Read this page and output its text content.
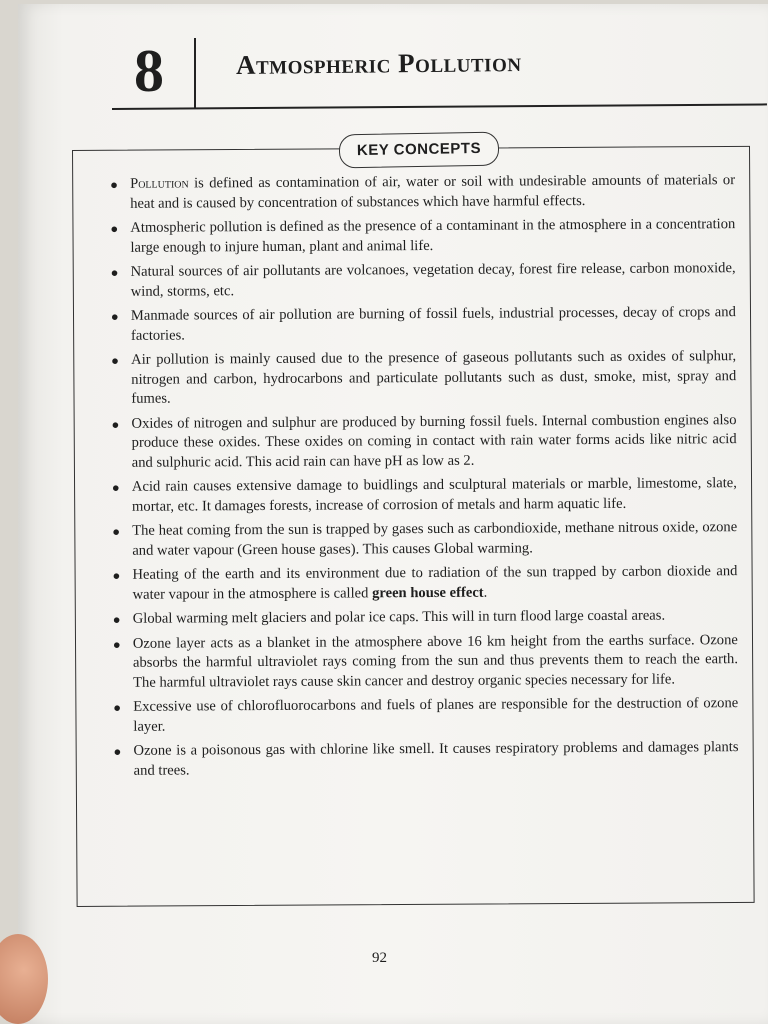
8	Atmospheric Pollution
KEY CONCEPTS
● Pollution is defined as contamination of air, water or soil with undesirable amounts of materials or heat and is caused by concentration of substances which have harmful effects.
● Atmospheric pollution is defined as the presence of a contaminant in the atmosphere in a concentration large enough to injure human, plant and animal life.
● Natural sources of air pollutants are volcanoes, vegetation decay, forest fire release, carbon monoxide, wind, storms, etc.
● Manmade sources of air pollution are burning of fossil fuels, industrial processes, decay of crops and factories.
● Air pollution is mainly caused due to the presence of gaseous pollutants such as oxides of sulphur, nitrogen and carbon, hydrocarbons and particulate pollutants such as dust, smoke, mist, spray and fumes.
● Oxides of nitrogen and sulphur are produced by burning fossil fuels. Internal combustion engines also produce these oxides. These oxides on coming in contact with rain water forms acids like nitric acid and sulphuric acid. This acid rain can have pH as low as 2.
● Acid rain causes extensive damage to buidlings and sculptural materials or marble, limestome, slate, mortar, etc. It damages forests, increase of corrosion of metals and harm aquatic life.
● The heat coming from the sun is trapped by gases such as carbondioxide, methane nitrous oxide, ozone and water vapour (Green house gases). This causes Global warming.
● Heating of the earth and its environment due to radiation of the sun trapped by carbon dioxide and water vapour in the atmosphere is called green house effect.
● Global warming melt glaciers and polar ice caps. This will in turn flood large coastal areas.
● Ozone layer acts as a blanket in the atmosphere above 16 km height from the earths surface. Ozone absorbs the harmful ultraviolet rays coming from the sun and thus prevents them to reach the earth. The harmful ultraviolet rays cause skin cancer and destroy organic species necessary for life.
● Excessive use of chlorofluorocarbons and fuels of planes are responsible for the destruction of ozone layer.
● Ozone is a poisonous gas with chlorine like smell. It causes respiratory problems and damages plants and trees.
92
